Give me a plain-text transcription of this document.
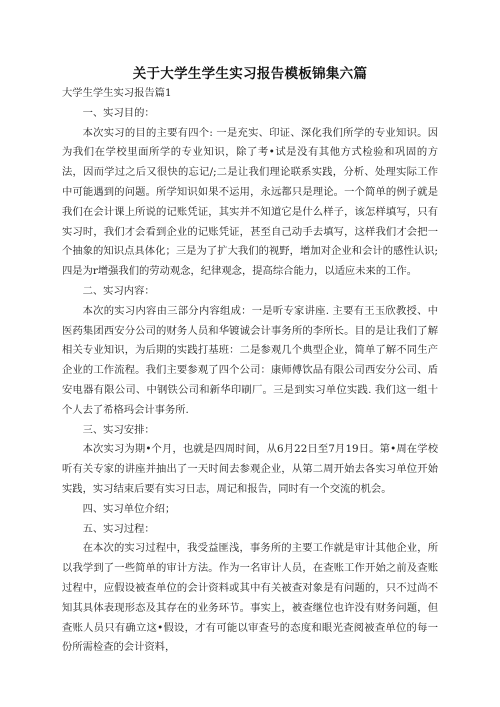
关于大学生学生实习报告模板锦集六篇

大学生学生实习报告篇1

一、实习目的：

本次实习的目的主要有四个: 一是充实、印证、深化我们所学的专业知识。因为我们在学校里面所学的专业知识，除了考•试是没有其他方式检验和巩固的方法，因而学过之后又很快的忘记/;二是让我们理论联系实践，分析、处理实际工作中可能遇到的问题。所学知识如果不运用，永远都只是理论。一个简单的例子就是我们在会计课上所说的记账凭证，其实并不知道它是什么样子，该怎样填写，只有实习时，我们才会看到企业的记账凭证，甚至自己动手去填写，这样我们才会把一个抽象的知识点具体化；三是为了扩大我们的视野，增加对企业和会计的感性认识; 四是为r增强我们的劳动观念，纪律观念，提高综合能力，以适应未来的工作。

二、实习内容：

本次的实习内容由三部分内容组成：一是听专家讲座. 主要有王玉欣教授、中医药集团西安分公司的财务人员和华镀诚会计事务所的李所长。目的是让我们了解相关专业知识，为后期的实践打基班：二是参观几个典型企业，简单了解不同生产企业的工作流程。我们主要参观了四个公司：康师傅饮品有限公司西安分公司、盾安电器有限公司、中钢铁公司和新华印刷厂。三是到实习单位实践. 我们这一组十个人去了希格玛会计事务所.

三、实习安排：

本次实习为期•个月，也就是四周时间，从6月22日至7月19日。第•周在学校听有关专家的讲座并抽出了一天时间去参观企业，从第二周开始去各实习单位开始实践，实习结束后要有实习日志，周记和报告，同时有一个交流的机会。

四、实习单位介绍；

五、实习过程：

在本次的实习过程中，我受益匪浅，事务所的主要工作就是审计其他企业，所以我学到了一些简单的审计方法。作为一名审计人员，在查账工作开始之前及查账过程中，应假设被查单位的会计资料或其中有关被查对象是有问题的，只不过尚不知其具体表现形态及其存在的业务环节。事实上，被查继位也许没有财务问题，但查账人员只有确立这•假设，才有可能以审查号的态度和眼光查阅被查单位的每一份所需检查的会计资料，
